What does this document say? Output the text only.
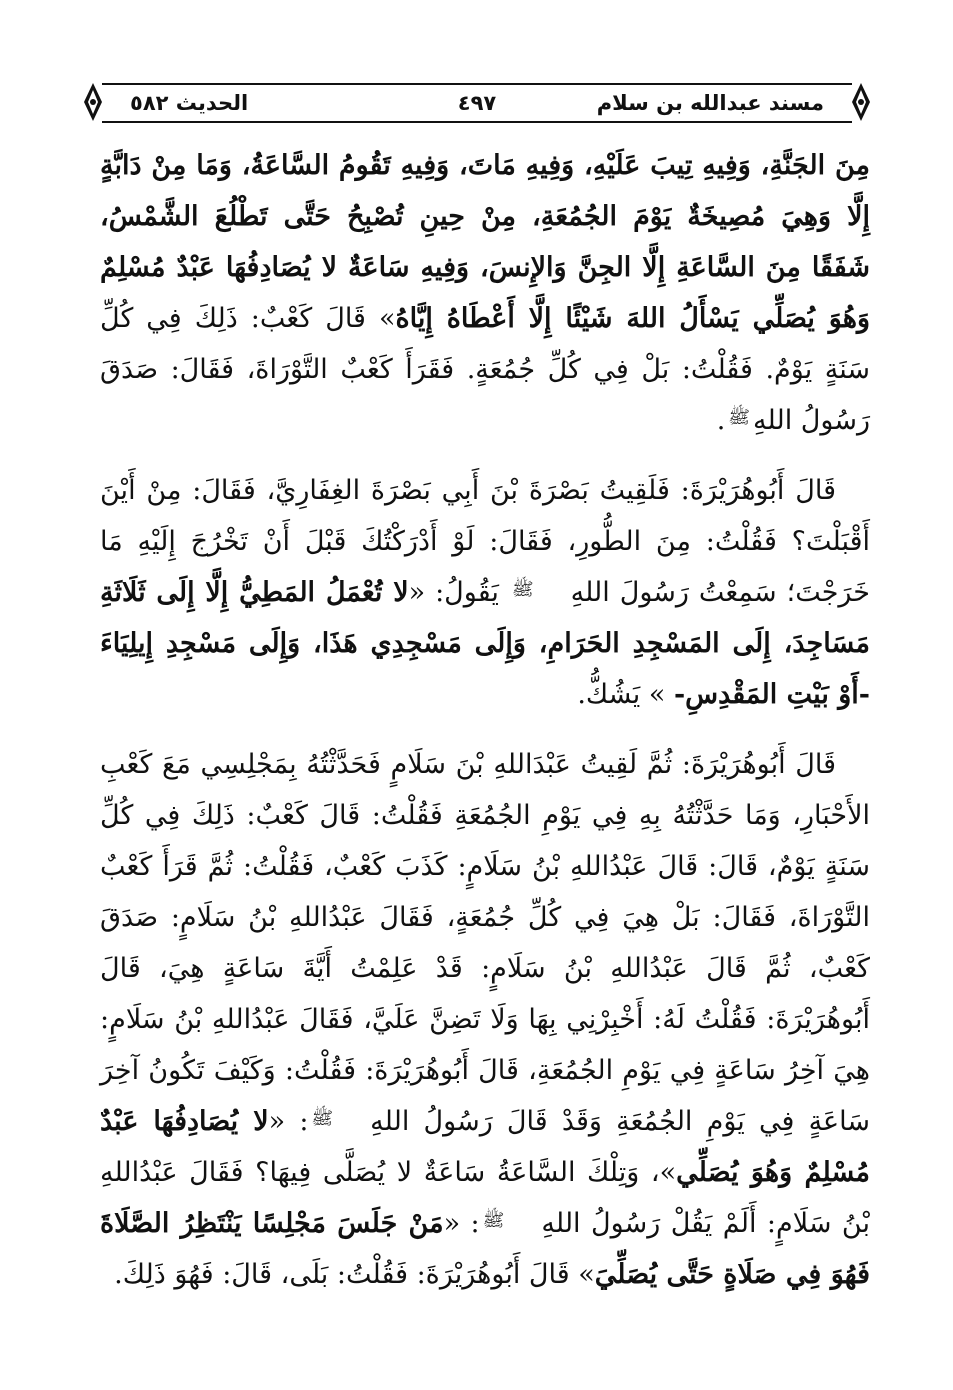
مسند عبدالله بن سلام
٤٩٧
الحديث ٥٨٢

مِنَ الجَنَّةِ، وَفِيهِ تِيبَ عَلَيْهِ، وَفِيهِ مَاتَ، وَفِيهِ تَقُومُ السَّاعَةُ، وَمَا مِنْ دَابَّةٍ إِلَّا وَهِيَ مُصِيخَةٌ يَوْمَ الجُمُعَةِ، مِنْ حِينِ تُصْبِحُ حَتَّى تَطْلُعَ الشَّمْسُ، شَفَقًا مِنَ السَّاعَةِ إِلَّا الجِنَّ وَالإِنسَ، وَفِيهِ سَاعَةٌ لا يُصَادِفُهَا عَبْدٌ مُسْلِمٌ وَهُوَ يُصَلِّي يَسْأَلُ اللهَ شَيْئًا إِلَّا أَعْطَاهُ إِيَّاهُ» قَالَ كَعْبٌ: ذَلِكَ فِي كُلِّ سَنَةٍ يَوْمٌ. فَقُلْتُ: بَلْ فِي كُلِّ جُمُعَةٍ. فَقَرَأَ كَعْبٌ التَّوْرَاةَ، فَقَالَ: صَدَقَ رَسُولُ اللهِﷺ.

قَالَ أَبُوهُرَيْرَةَ: فَلَقِيتُ بَصْرَةَ بْنَ أَبِي بَصْرَةَ الغِفَارِيَّ، فَقَالَ: مِنْ أَيْنَ أَقْبَلْتَ؟ فَقُلْتُ: مِنَ الطُّورِ، فَقَالَ: لَوْ أَدْرَكْتُكَ قَبْلَ أَنْ تَخْرُجَ إِلَيْهِ مَا خَرَجْتَ؛ سَمِعْتُ رَسُولَ اللهِﷺ يَقُولُ: «لا تُعْمَلُ المَطِيُّ إِلَّا إِلَى ثَلَاثَةِ مَسَاجِدَ، إِلَى المَسْجِدِ الحَرَامِ، وَإِلَى مَسْجِدِي هَذَا، وَإِلَى مَسْجِدِ إِيلِيَاءَ -أَوْ بَيْتِ المَقْدِسِ- » يَشُكُّ.

قَالَ أَبُوهُرَيْرَةَ: ثُمَّ لَقِيتُ عَبْدَاللهِ بْنَ سَلَامٍ فَحَدَّثْتُهُ بِمَجْلِسِي مَعَ كَعْبِ الأَحْبَارِ، وَمَا حَدَّثْتُهُ بِهِ فِي يَوْمِ الجُمُعَةِ فَقُلْتُ: قَالَ كَعْبٌ: ذَلِكَ فِي كُلِّ سَنَةٍ يَوْمٌ، قَالَ: قَالَ عَبْدُاللهِ بْنُ سَلَامٍ: كَذَبَ كَعْبٌ، فَقُلْتُ: ثُمَّ قَرَأَ كَعْبٌ التَّوْرَاةَ، فَقَالَ: بَلْ هِيَ فِي كُلِّ جُمُعَةٍ، فَقَالَ عَبْدُاللهِ بْنُ سَلَامٍ: صَدَقَ كَعْبٌ، ثُمَّ قَالَ عَبْدُاللهِ بْنُ سَلَامٍ: قَدْ عَلِمْتُ أَيَّةَ سَاعَةٍ هِيَ، قَالَ أَبُوهُرَيْرَةَ: فَقُلْتُ لَهُ: أَخْبِرْنِي بِهَا وَلَا تَضِنَّ عَلَيَّ، فَقَالَ عَبْدُاللهِ بْنُ سَلَامٍ: هِيَ آخِرُ سَاعَةٍ فِي يَوْمِ الجُمُعَةِ، قَالَ أَبُوهُرَيْرَةَ: فَقُلْتُ: وَكَيْفَ تَكُونُ آخِرَ سَاعَةٍ فِي يَوْمِ الجُمُعَةِ وَقَدْ قَالَ رَسُولُ اللهِﷺ: «لا يُصَادِفُهَا عَبْدٌ مُسْلِمٌ وَهُوَ يُصَلِّي»، وَتِلْكَ السَّاعَةُ سَاعَةٌ لا يُصَلَّى فِيهَا؟ فَقَالَ عَبْدُاللهِ بْنُ سَلَامٍ: أَلَمْ يَقُلْ رَسُولُ اللهِﷺ: «مَنْ جَلَسَ مَجْلِسًا يَنْتَظِرُ الصَّلَاةَ فَهُوَ فِي صَلَاةٍ حَتَّى يُصَلِّيَ» قَالَ أَبُوهُرَيْرَةَ: فَقُلْتُ: بَلَى، قَالَ: فَهُوَ ذَلِكَ.
